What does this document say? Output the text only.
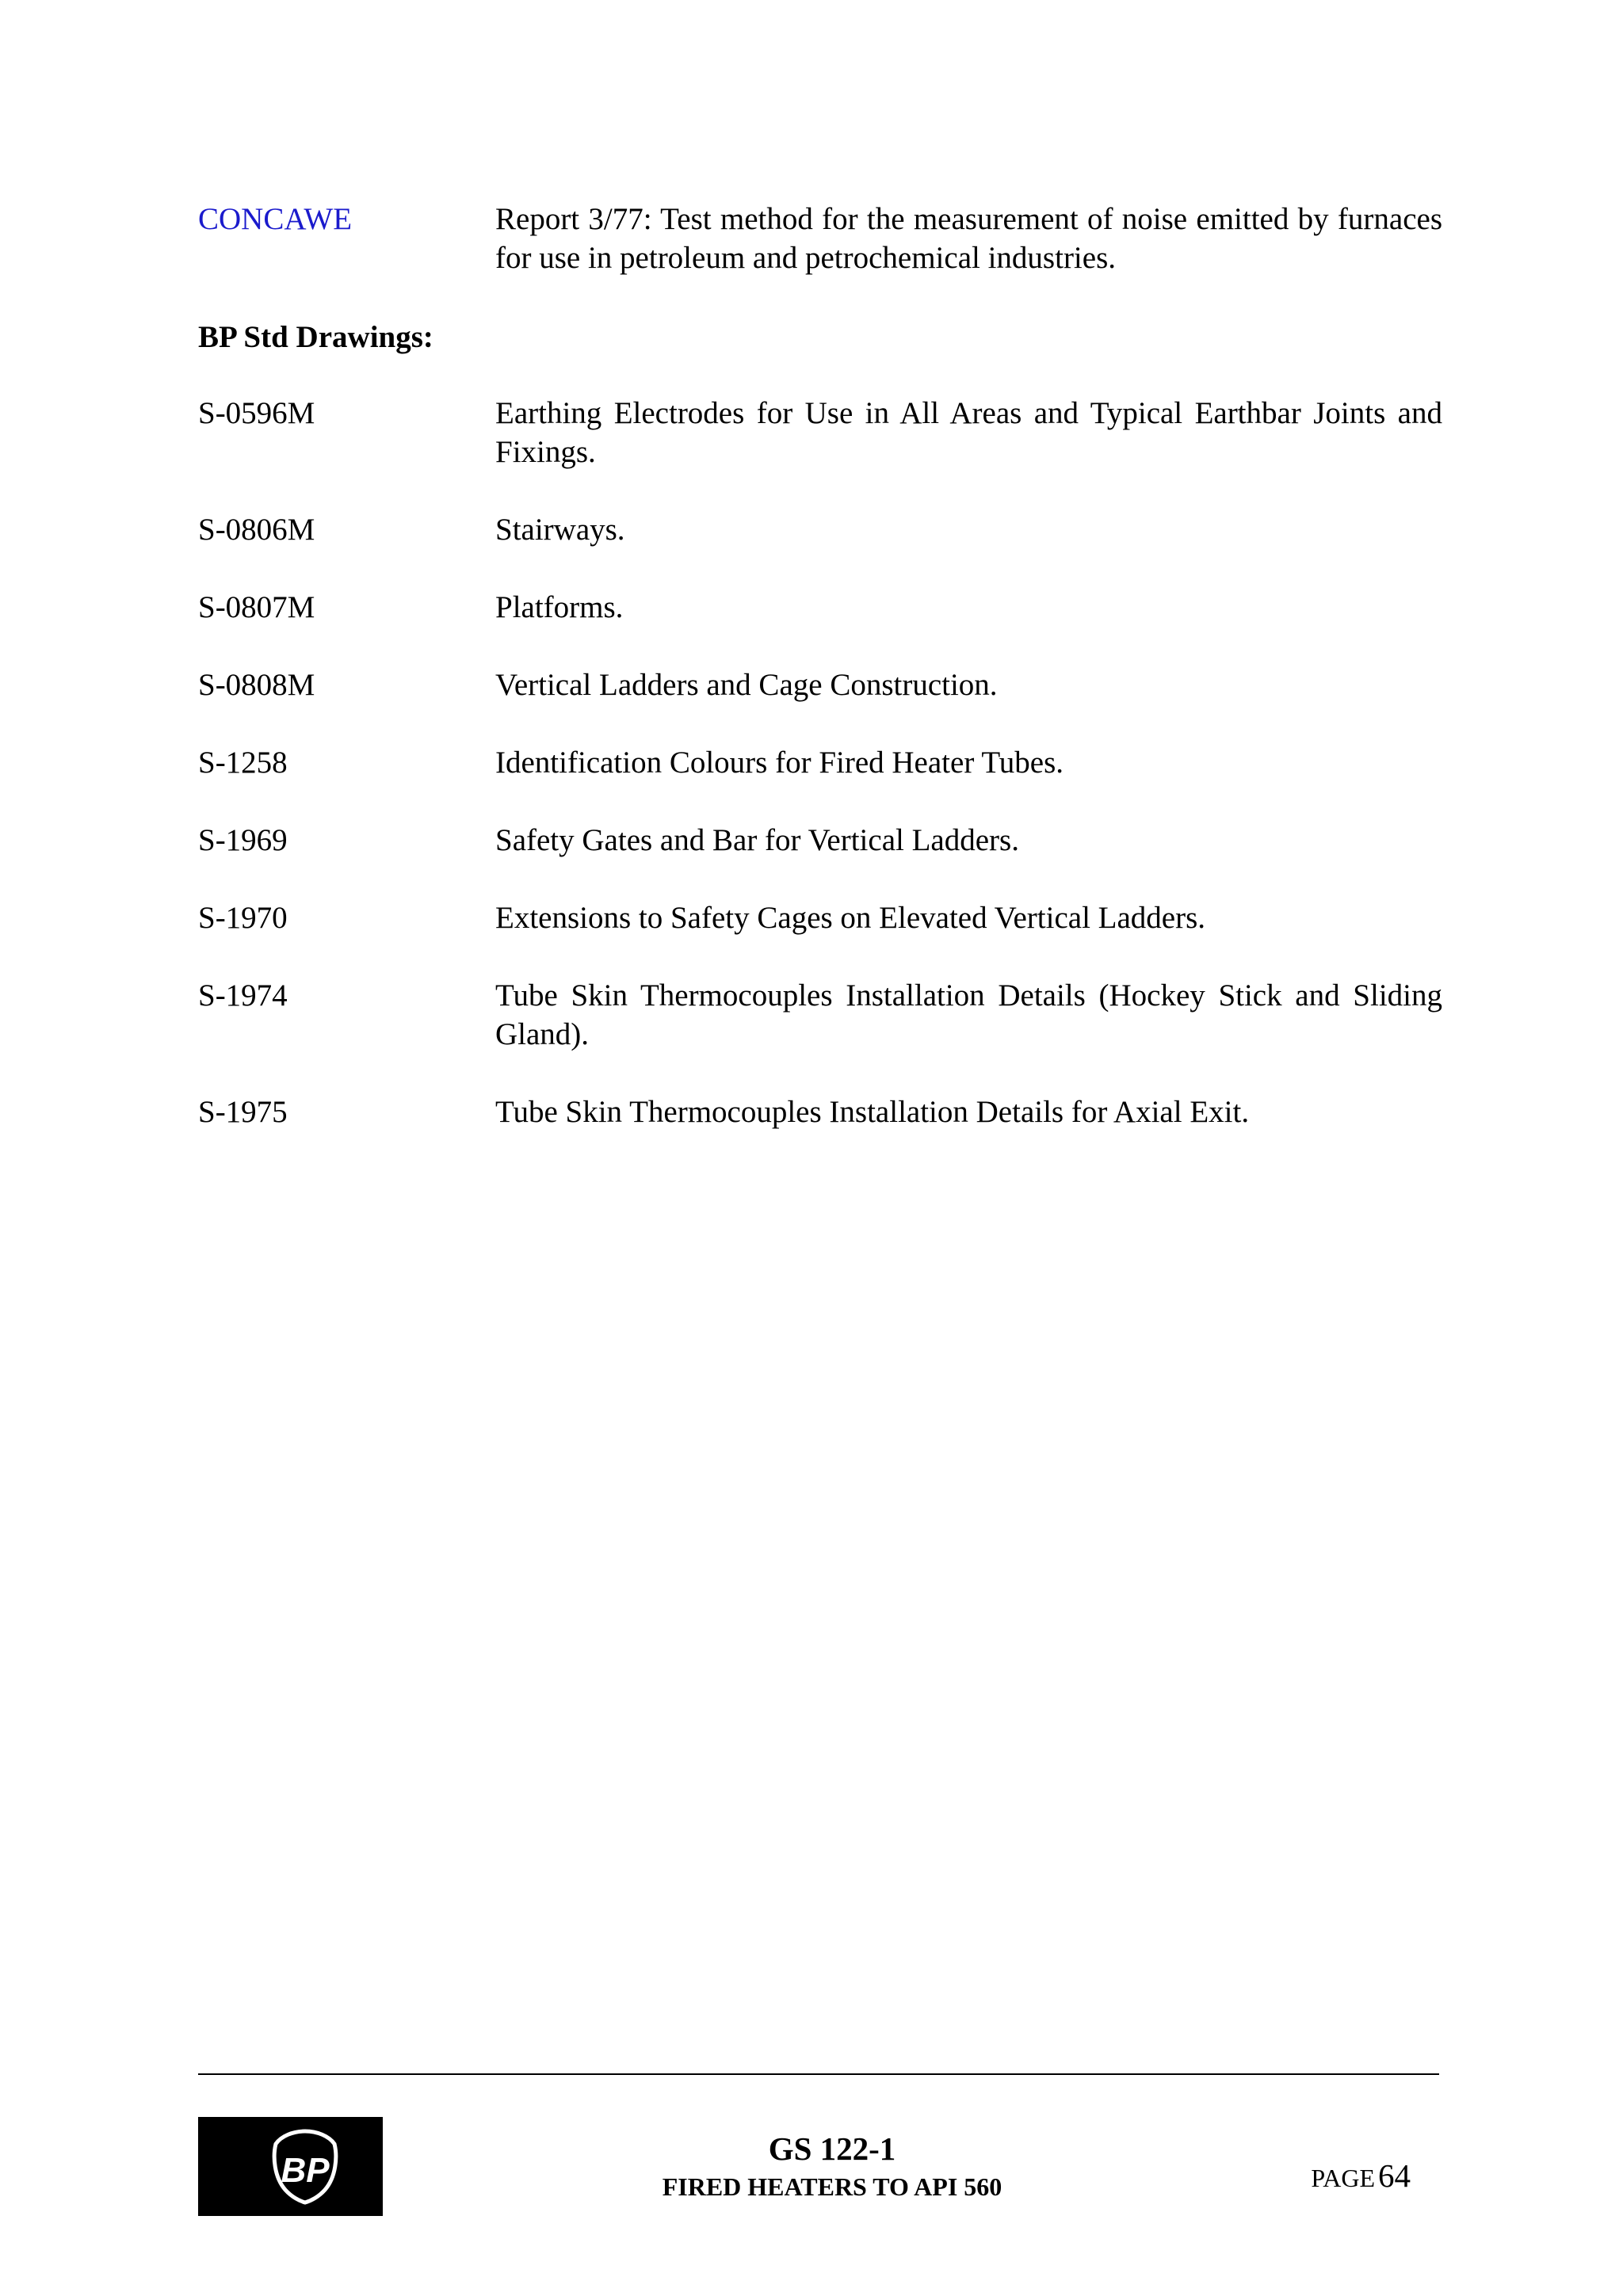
CONCAWE	Report 3/77: Test method for the measurement of noise emitted by furnaces for use in petroleum and petrochemical industries.
BP Std Drawings:
S-0596M	Earthing Electrodes for Use in All Areas and Typical Earthbar Joints and Fixings.
S-0806M	Stairways.
S-0807M	Platforms.
S-0808M	Vertical Ladders and Cage Construction.
S-1258	Identification Colours for Fired Heater Tubes.
S-1969	Safety Gates and Bar for Vertical Ladders.
S-1970	Extensions to Safety Cages on Elevated Vertical Ladders.
S-1974	Tube Skin Thermocouples Installation Details (Hockey Stick and Sliding Gland).
S-1975	Tube Skin Thermocouples Installation Details for Axial Exit.
BP
GS 122-1
FIRED HEATERS TO API 560	PAGE 64
